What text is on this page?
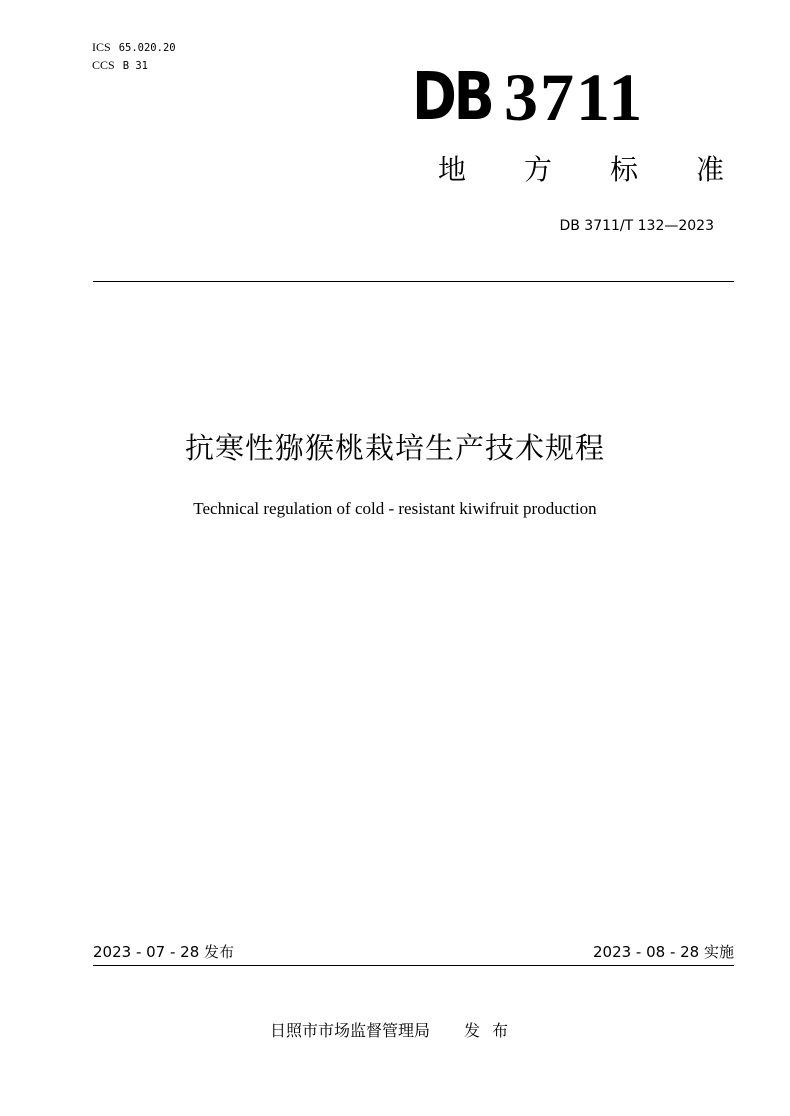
ICS 65.020.20
CCS B 31	DB 3711
地方标准
DB 3711/T 132—2023
抗寒性猕猴桃栽培生产技术规程
Technical regulation of cold - resistant kiwifruit production
2023 - 07 - 28 发布	2023 - 08 - 28 实施
日照市市场监督管理局 发布
